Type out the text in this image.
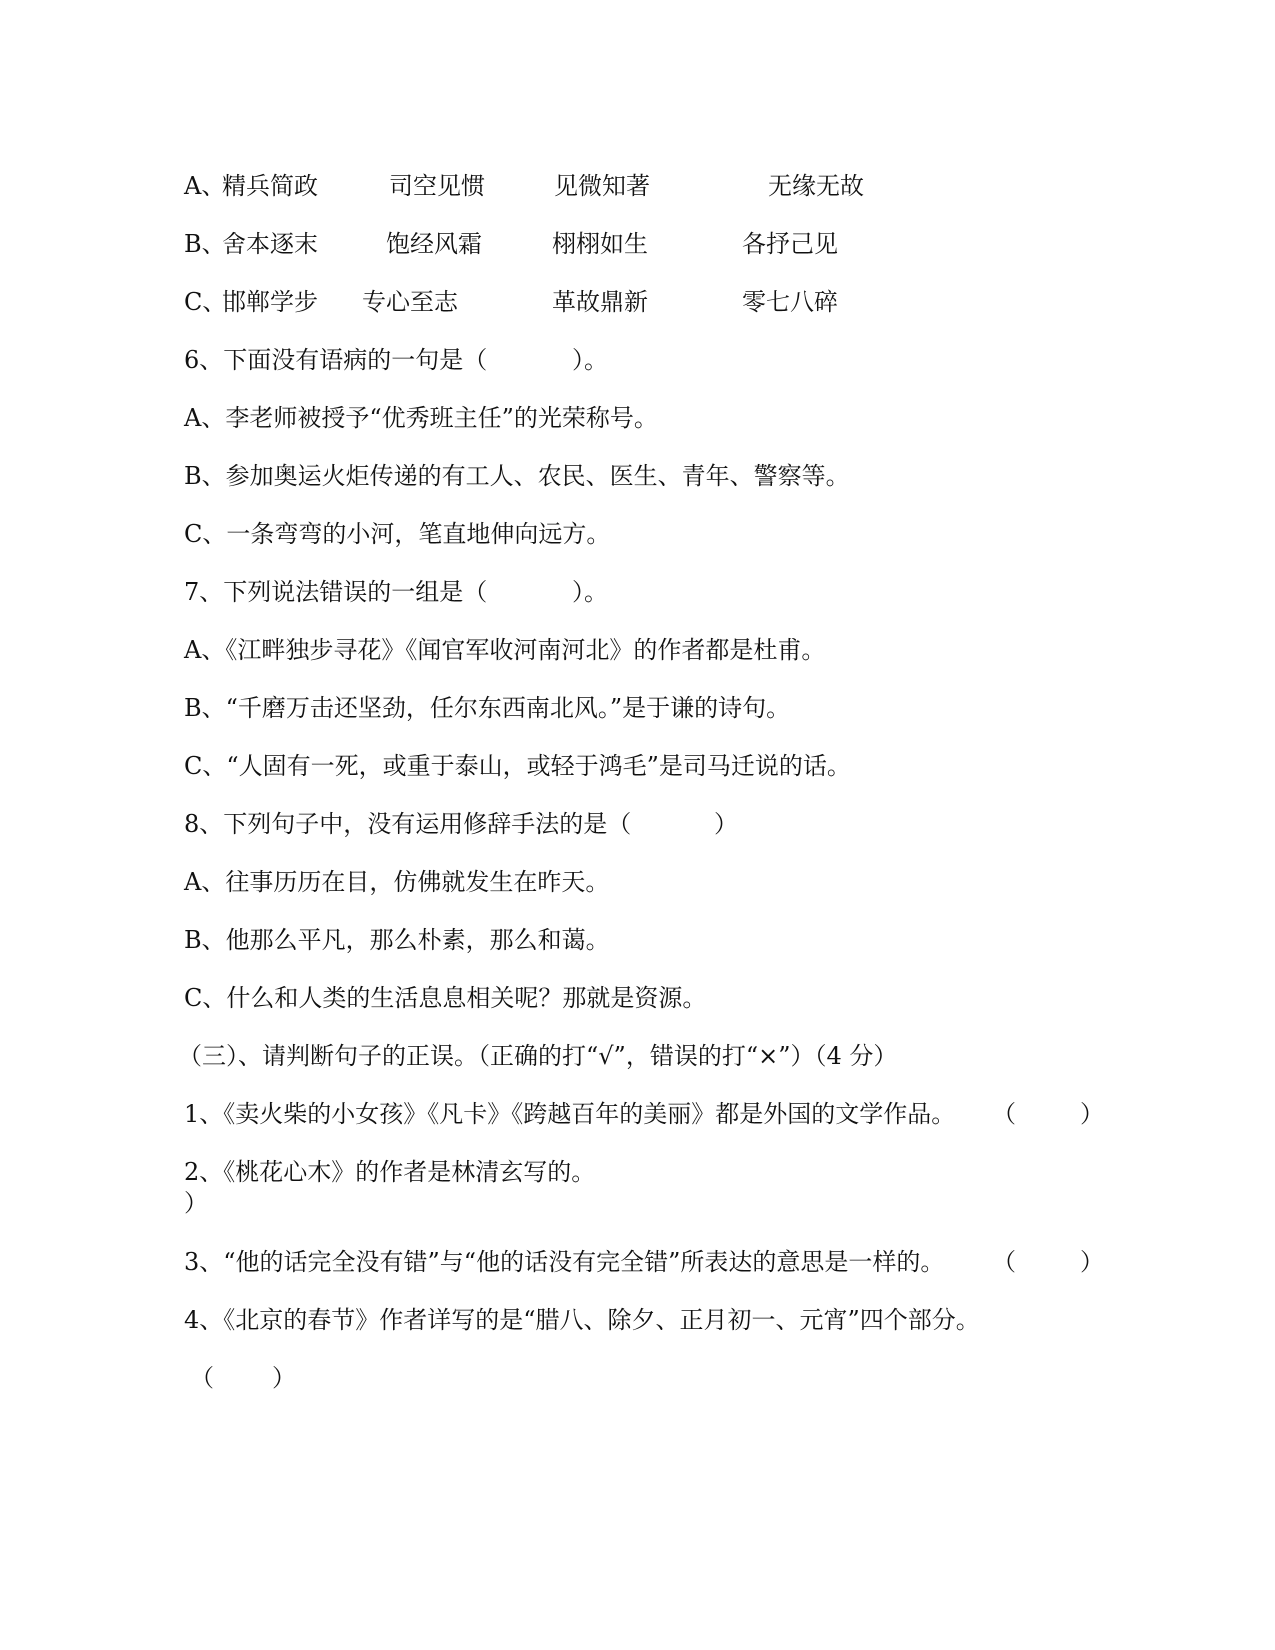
A、
精兵简政	司空见惯	见微知著	无缘无故
B、
舍本逐末	饱经风霜	栩栩如生	各抒己见
C、
邯郸学步 专心至志	革故鼎新	零七八碎
6、下面没有语病的一句是（	）。
A、李老师被授予“优秀班主任”的光荣称号。
B、参加奥运火炬传递的有工人、农民、医生、青年、警察等。
C、一条弯弯的小河，笔直地伸向远方。
7、下列说法错误的一组是（	）。
A、《江畔独步寻花》《闻官军收河南河北》的作者都是杜甫。
B、“千磨万击还坚劲，任尔东西南北风。”是于谦的诗句。
C、“人固有一死，或重于泰山，或轻于鸿毛”是司马迁说的话。
8、下列句子中，没有运用修辞手法的是（	）
A、往事历历在目，仿佛就发生在昨天。
B、他那么平凡，那么朴素，那么和蔼。
C、什么和人类的生活息息相关呢？那就是资源。
（三）、请判断句子的正误。（正确的打“√”，错误的打“×”）（4 分）
1、《卖火柴的小女孩》《凡卡》《跨越百年的美丽》都是外国的文学作品。 （	）
2、《桃花心木》的作者是林清玄写的。
）
3、“他的话完全没有错”与“他的话没有完全错”所表达的意思是一样的。 （	）
4、《北京的春节》作者详写的是“腊八、除夕、正月初一、元宵”四个部分。
（ ）
